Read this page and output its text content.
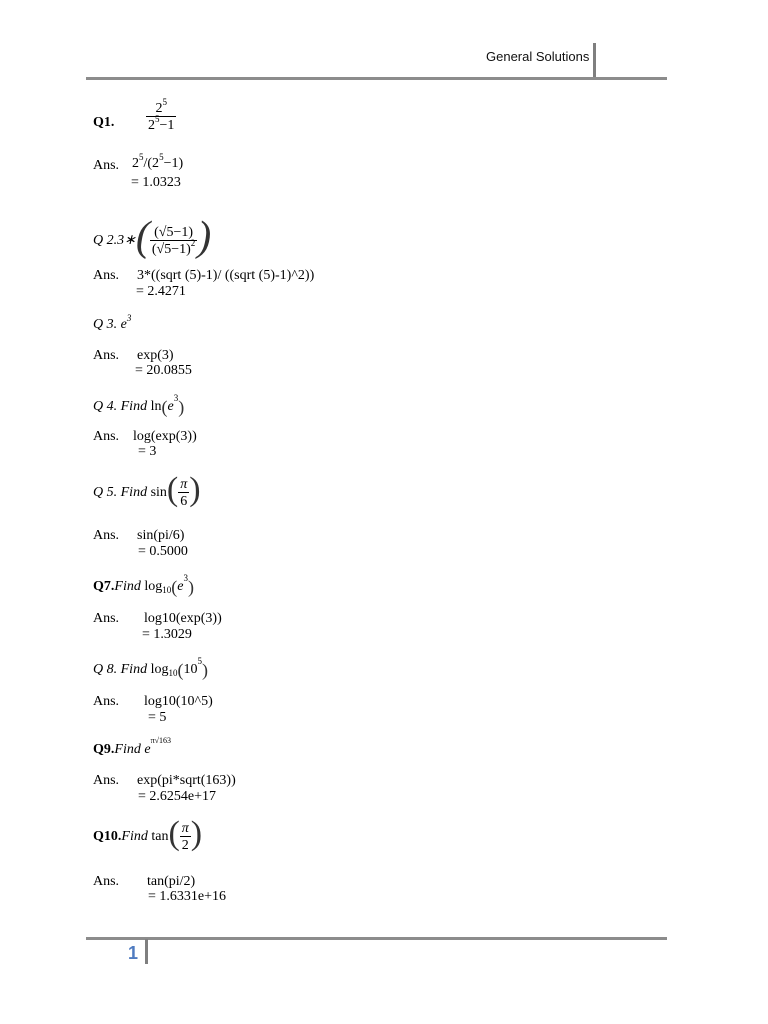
General Solutions
Q1. $\frac{2^5}{2^5-1}$
Ans. $2^5/(2^5-1)$
= 1.0323
Q 2.3∗( $\frac{(√5-1)}{(√5-1)^2}$ )
Ans. 3*((sqrt (5)-1)/ ((sqrt (5)-1)^2))
= 2.4271
Q 3. $e^3$
Ans. exp(3)
= 20.0855
Q 4. Find $\ln(e^3)$
Ans. log(exp(3))
= 3
Q 5. Find $\sin( \frac{\pi}{6}$ )
Ans. sin(pi/6)
= 0.5000
Q7.Find $\log_{10}(e^3)$
Ans. log10(exp(3))
= 1.3029
Q 8. Find $\log_{10}(10^5)$
Ans. log10(10^5)
= 5
Q9.Find $e^{\pi√163}$
Ans. exp(pi*sqrt(163))
= 2.6254e+17
Q10.Find $\tan( \frac{\pi}{2}$ )
Ans. tan(pi/2)
= 1.6331e+16
1
